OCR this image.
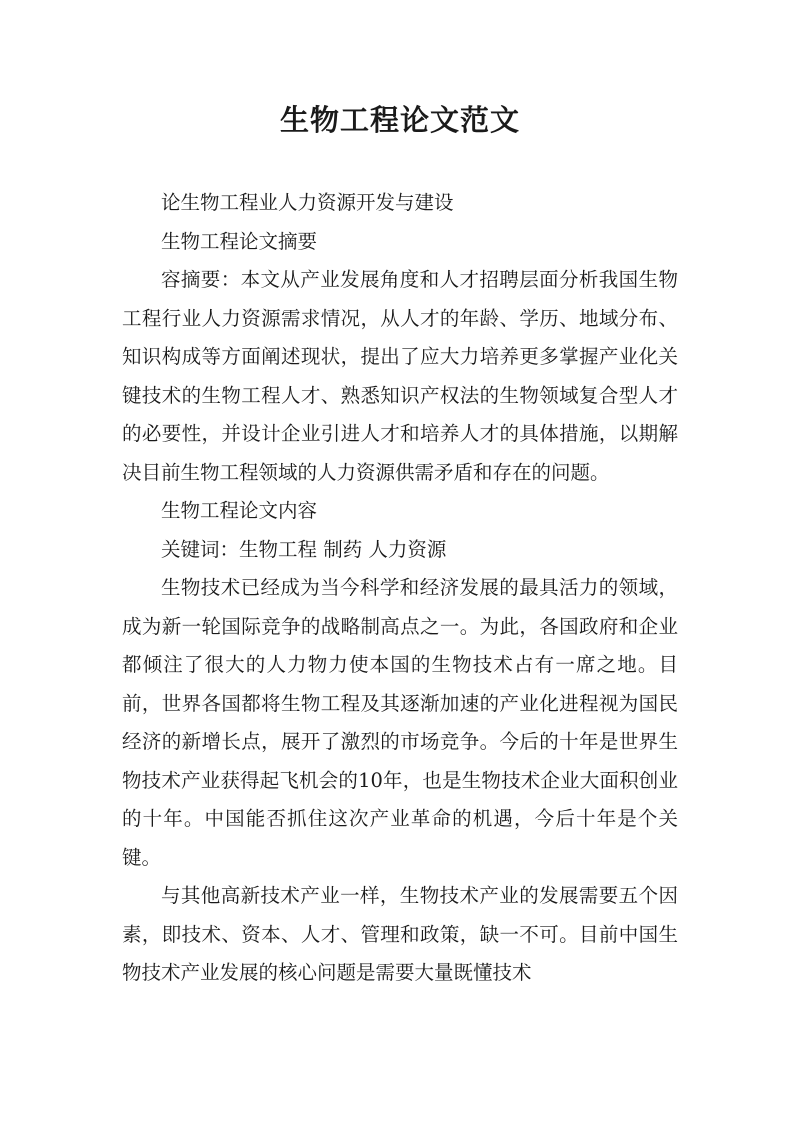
生物工程论文范文

论生物工程业人力资源开发与建设

生物工程论文摘要

容摘要：本文从产业发展角度和人才招聘层面分析我国生物工程行业人力资源需求情况，从人才的年龄、学历、地域分布、知识构成等方面阐述现状，提出了应大力培养更多掌握产业化关键技术的生物工程人才、熟悉知识产权法的生物领域复合型人才的必要性，并设计企业引进人才和培养人才的具体措施，以期解决目前生物工程领域的人力资源供需矛盾和存在的问题。

生物工程论文内容

关键词：生物工程 制药 人力资源

生物技术已经成为当今科学和经济发展的最具活力的领域，成为新一轮国际竞争的战略制高点之一。为此，各国政府和企业都倾注了很大的人力物力使本国的生物技术占有一席之地。目前，世界各国都将生物工程及其逐渐加速的产业化进程视为国民经济的新增长点，展开了激烈的市场竞争。今后的十年是世界生物技术产业获得起飞机会的10年，也是生物技术企业大面积创业的十年。中国能否抓住这次产业革命的机遇，今后十年是个关键。

与其他高新技术产业一样，生物技术产业的发展需要五个因素，即技术、资本、人才、管理和政策，缺一不可。目前中国生物技术产业发展的核心问题是需要大量既懂技术
